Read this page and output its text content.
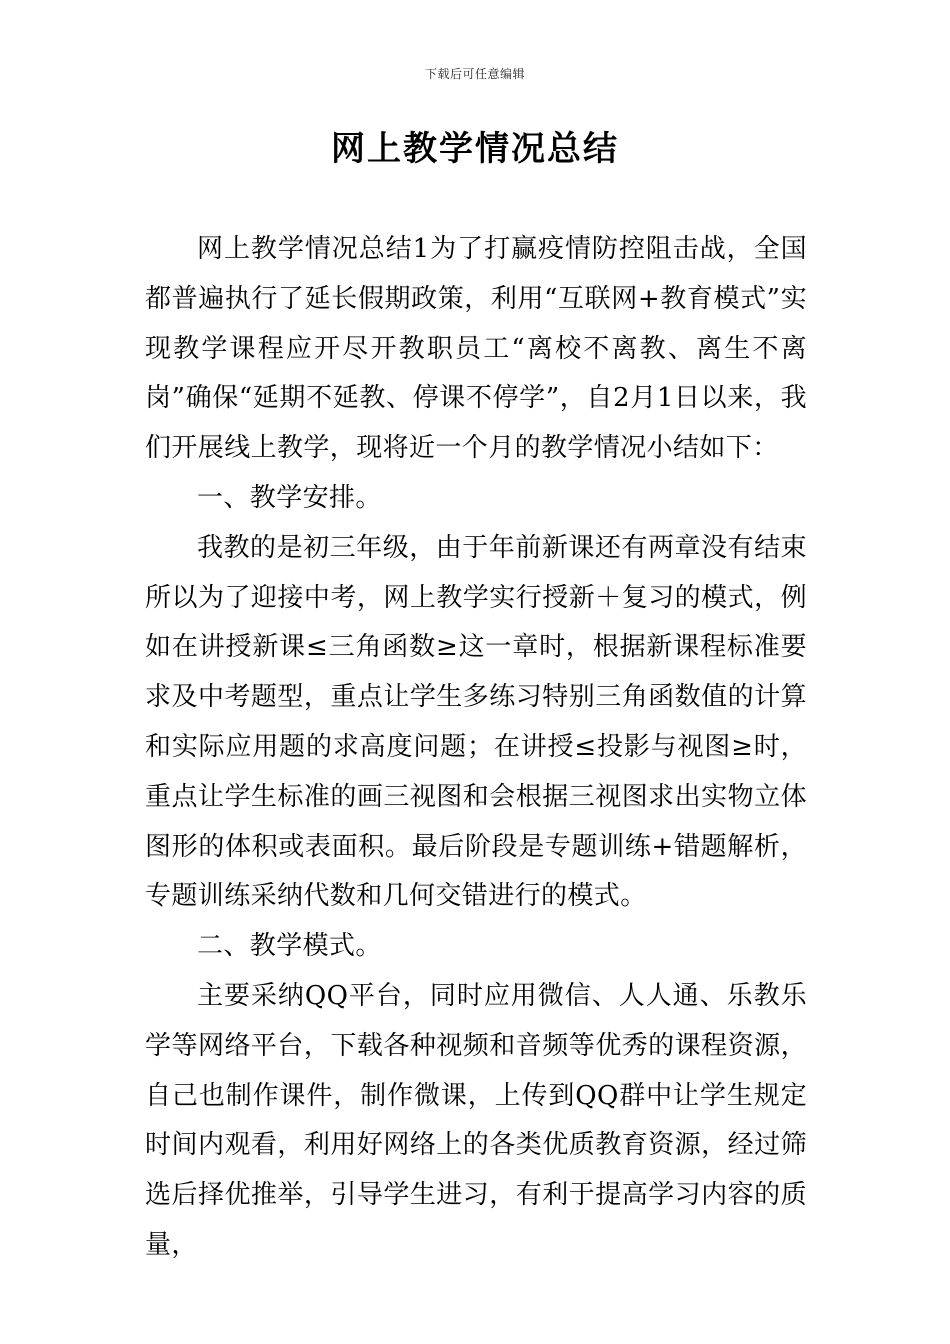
下载后可任意编辑
网上教学情况总结

网上教学情况总结1为了打赢疫情防控阻击战，全国都普遍执行了延长假期政策，利用“互联网+教育模式”实现教学课程应开尽开教职员工“离校不离教、离生不离岗”确保“延期不延教、停课不停学”，自2月1日以来，我们开展线上教学，现将近一个月的教学情况小结如下：

一、教学安排。

我教的是初三年级，由于年前新课还有两章没有结束所以为了迎接中考，网上教学实行授新＋复习的模式，例如在讲授新课≤三角函数≥这一章时，根据新课程标准要求及中考题型，重点让学生多练习特别三角函数值的计算和实际应用题的求高度问题；在讲授≤投影与视图≥时，重点让学生标准的画三视图和会根据三视图求出实物立体图形的体积或表面积。最后阶段是专题训练+错题解析，专题训练采纳代数和几何交错进行的模式。

二、教学模式。

主要采纳QQ平台，同时应用微信、人人通、乐教乐学等网络平台，下载各种视频和音频等优秀的课程资源，自己也制作课件，制作微课，上传到QQ群中让学生规定时间内观看，利用好网络上的各类优质教育资源，经过筛选后择优推举，引导学生进习，有利于提高学习内容的质量，
